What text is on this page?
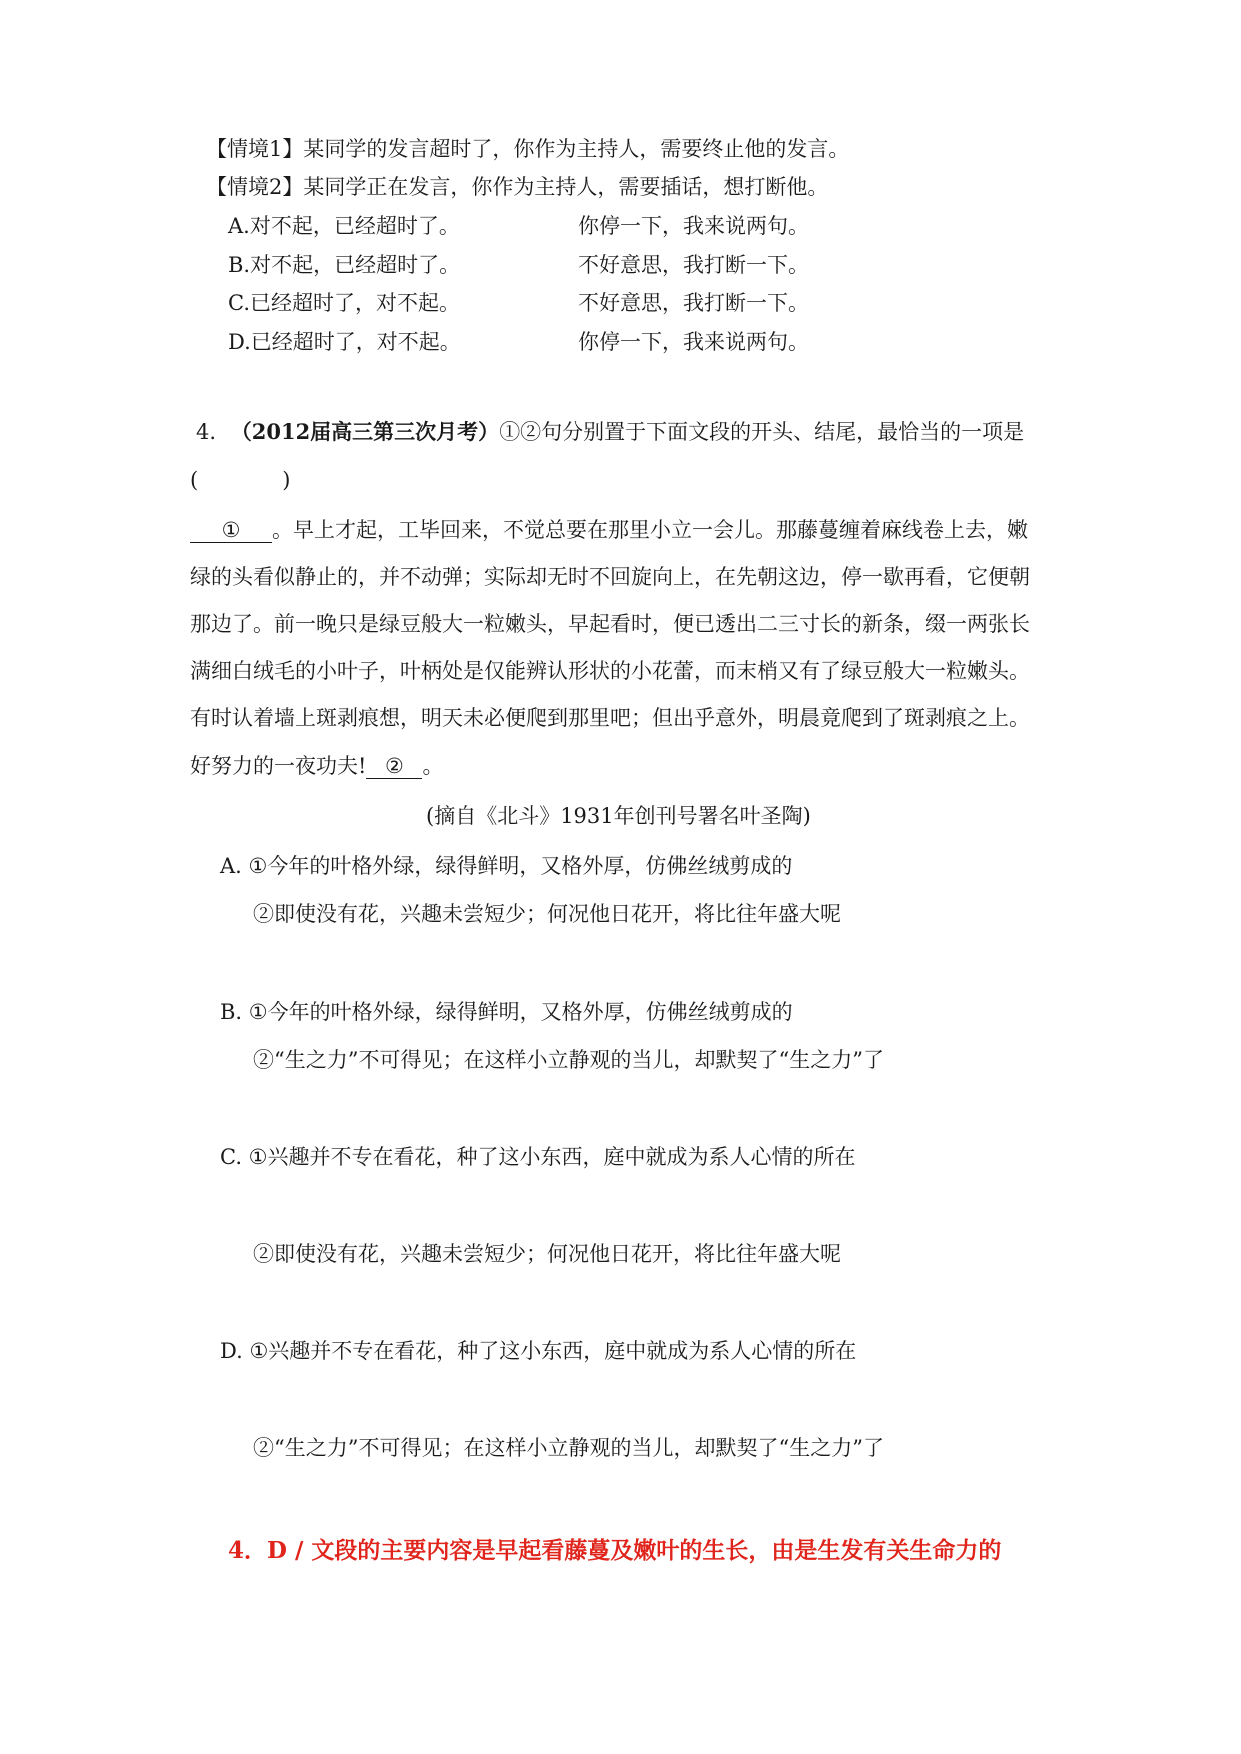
【情境1】某同学的发言超时了，你作为主持人，需要终止他的发言。
【情境2】某同学正在发言，你作为主持人，需要插话，想打断他。
A.对不起，已经超时了。	你停一下，我来说两句。
B.对不起，已经超时了。	不好意思，我打断一下。
C.已经超时了，对不起。	不好意思，我打断一下。
D.已经超时了，对不起。	你停一下，我来说两句。
4. （2012届高三第三次月考）①②句分别置于下面文段的开头、结尾，最恰当的一项是
(　　　　)
① 。早上才起，工毕回来，不觉总要在那里小立一会儿。那藤蔓缠着麻线卷上去，嫩
绿的头看似静止的，并不动弹；实际却无时不回旋向上，在先朝这边，停一歇再看，它便朝
那边了。前一晚只是绿豆般大一粒嫩头，早起看时，便已透出二三寸长的新条，缀一两张长
满细白绒毛的小叶子，叶柄处是仅能辨认形状的小花蕾，而末梢又有了绿豆般大一粒嫩头。
有时认着墙上斑剥痕想，明天未必便爬到那里吧；但出乎意外，明晨竟爬到了斑剥痕之上。
好努力的一夜功夫! ② 。
(摘自《北斗》1931年创刊号署名叶圣陶)
A. ①今年的叶格外绿，绿得鲜明，又格外厚，仿佛丝绒剪成的
②即使没有花，兴趣未尝短少；何况他日花开，将比往年盛大呢
B. ①今年的叶格外绿，绿得鲜明，又格外厚，仿佛丝绒剪成的
②“生之力”不可得见；在这样小立静观的当儿，却默契了“生之力”了
C. ①兴趣并不专在看花，种了这小东西，庭中就成为系人心情的所在
②即使没有花，兴趣未尝短少；何况他日花开，将比往年盛大呢
D. ①兴趣并不专在看花，种了这小东西，庭中就成为系人心情的所在
②“生之力”不可得见；在这样小立静观的当儿，却默契了“生之力”了
4．D / 文段的主要内容是早起看藤蔓及嫩叶的生长，由是生发有关生命力的
